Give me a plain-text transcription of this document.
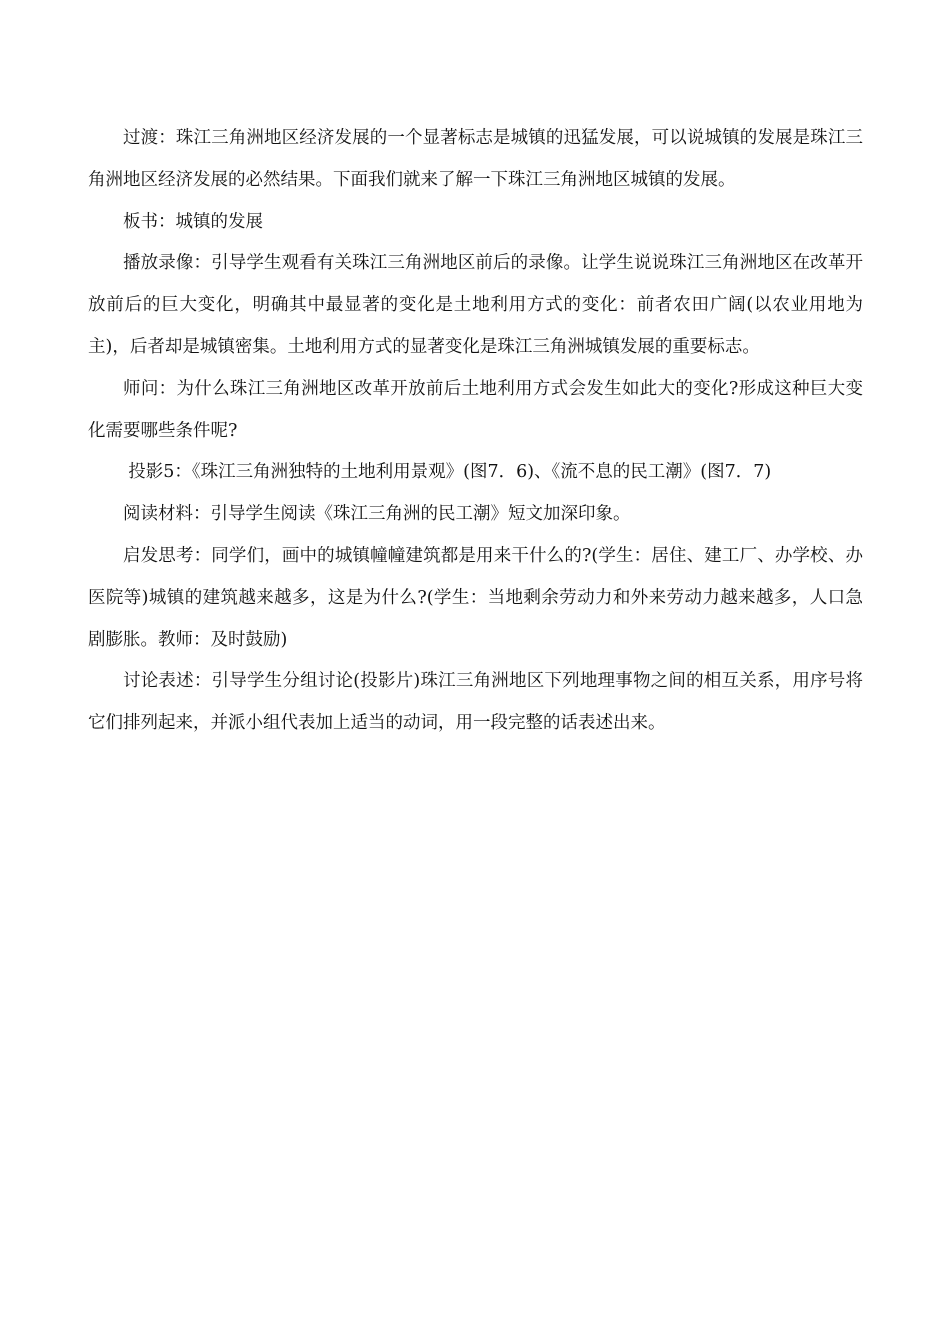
过渡：珠江三角洲地区经济发展的一个显著标志是城镇的迅猛发展，可以说城镇的发展是珠江三角洲地区经济发展的必然结果。下面我们就来了解一下珠江三角洲地区城镇的发展。

板书：城镇的发展

播放录像：引导学生观看有关珠江三角洲地区前后的录像。让学生说说珠江三角洲地区在改革开放前后的巨大变化，明确其中最显著的变化是土地利用方式的变化：前者农田广阔(以农业用地为主)，后者却是城镇密集。土地利用方式的显著变化是珠江三角洲城镇发展的重要标志。

师问：为什么珠江三角洲地区改革开放前后土地利用方式会发生如此大的变化?形成这种巨大变化需要哪些条件呢?

投影5：《珠江三角洲独特的土地利用景观》(图7．6)、《流不息的民工潮》(图7．7)

阅读材料：引导学生阅读《珠江三角洲的民工潮》短文加深印象。

启发思考：同学们，画中的城镇幢幢建筑都是用来干什么的?(学生：居住、建工厂、办学校、办医院等)城镇的建筑越来越多，这是为什么?(学生：当地剩余劳动力和外来劳动力越来越多，人口急剧膨胀。教师：及时鼓励)

讨论表述：引导学生分组讨论(投影片)珠江三角洲地区下列地理事物之间的相互关系，用序号将它们排列起来，并派小组代表加上适当的动词，用一段完整的话表述出来。
